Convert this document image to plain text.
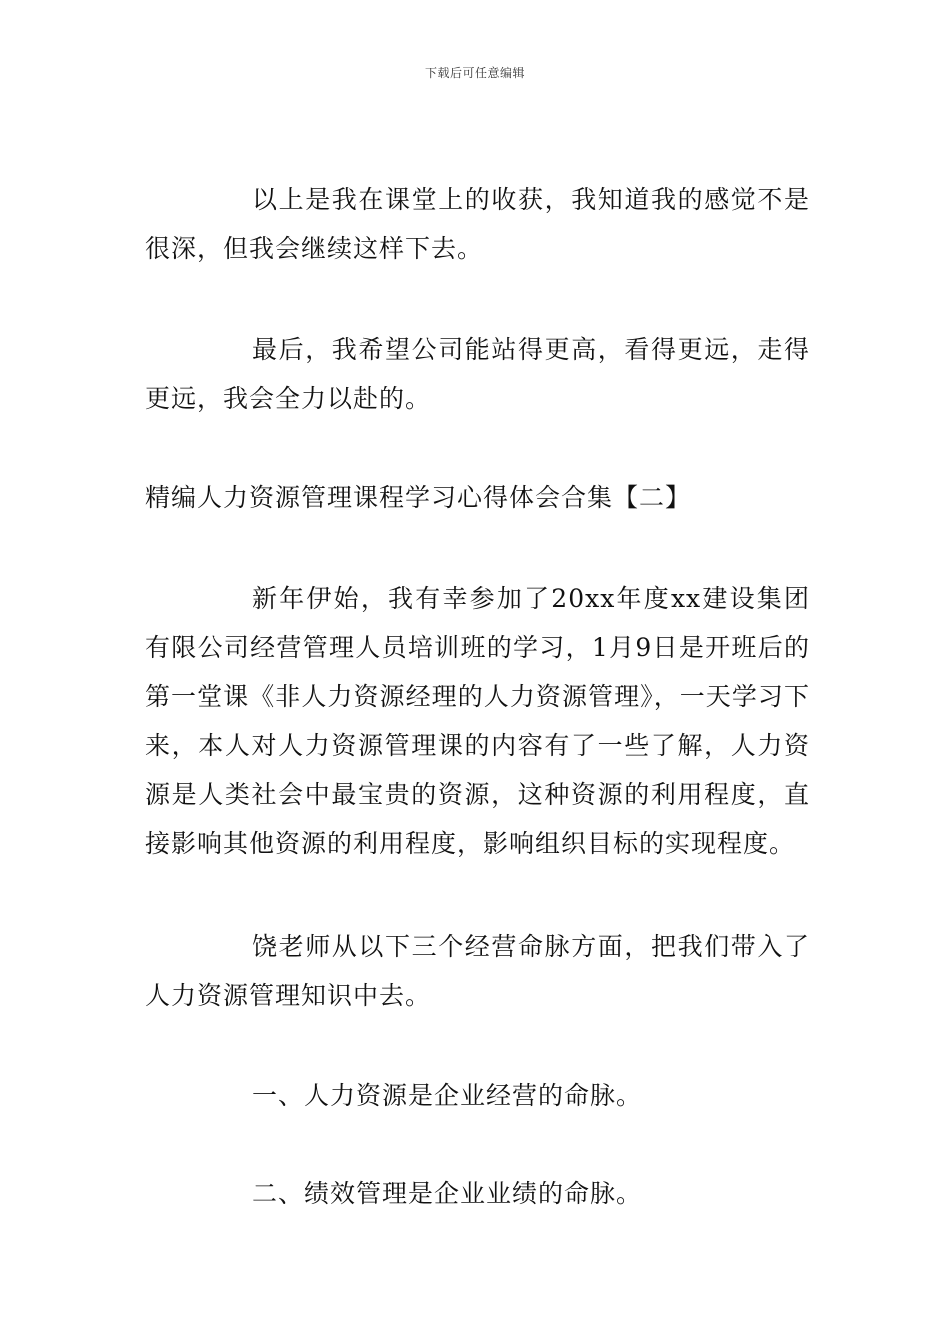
下载后可任意编辑

以上是我在课堂上的收获，我知道我的感觉不是很深，但我会继续这样下去。

最后，我希望公司能站得更高，看得更远，走得更远，我会全力以赴的。

精编人力资源管理课程学习心得体会合集【二】

新年伊始，我有幸参加了20xx年度xx建设集团有限公司经营管理人员培训班的学习，1月9日是开班后的第一堂课《非人力资源经理的人力资源管理》，一天学习下来，本人对人力资源管理课的内容有了一些了解，人力资源是人类社会中最宝贵的资源，这种资源的利用程度，直接影响其他资源的利用程度，影响组织目标的实现程度。

饶老师从以下三个经营命脉方面，把我们带入了人力资源管理知识中去。

一、人力资源是企业经营的命脉。

二、绩效管理是企业业绩的命脉。
